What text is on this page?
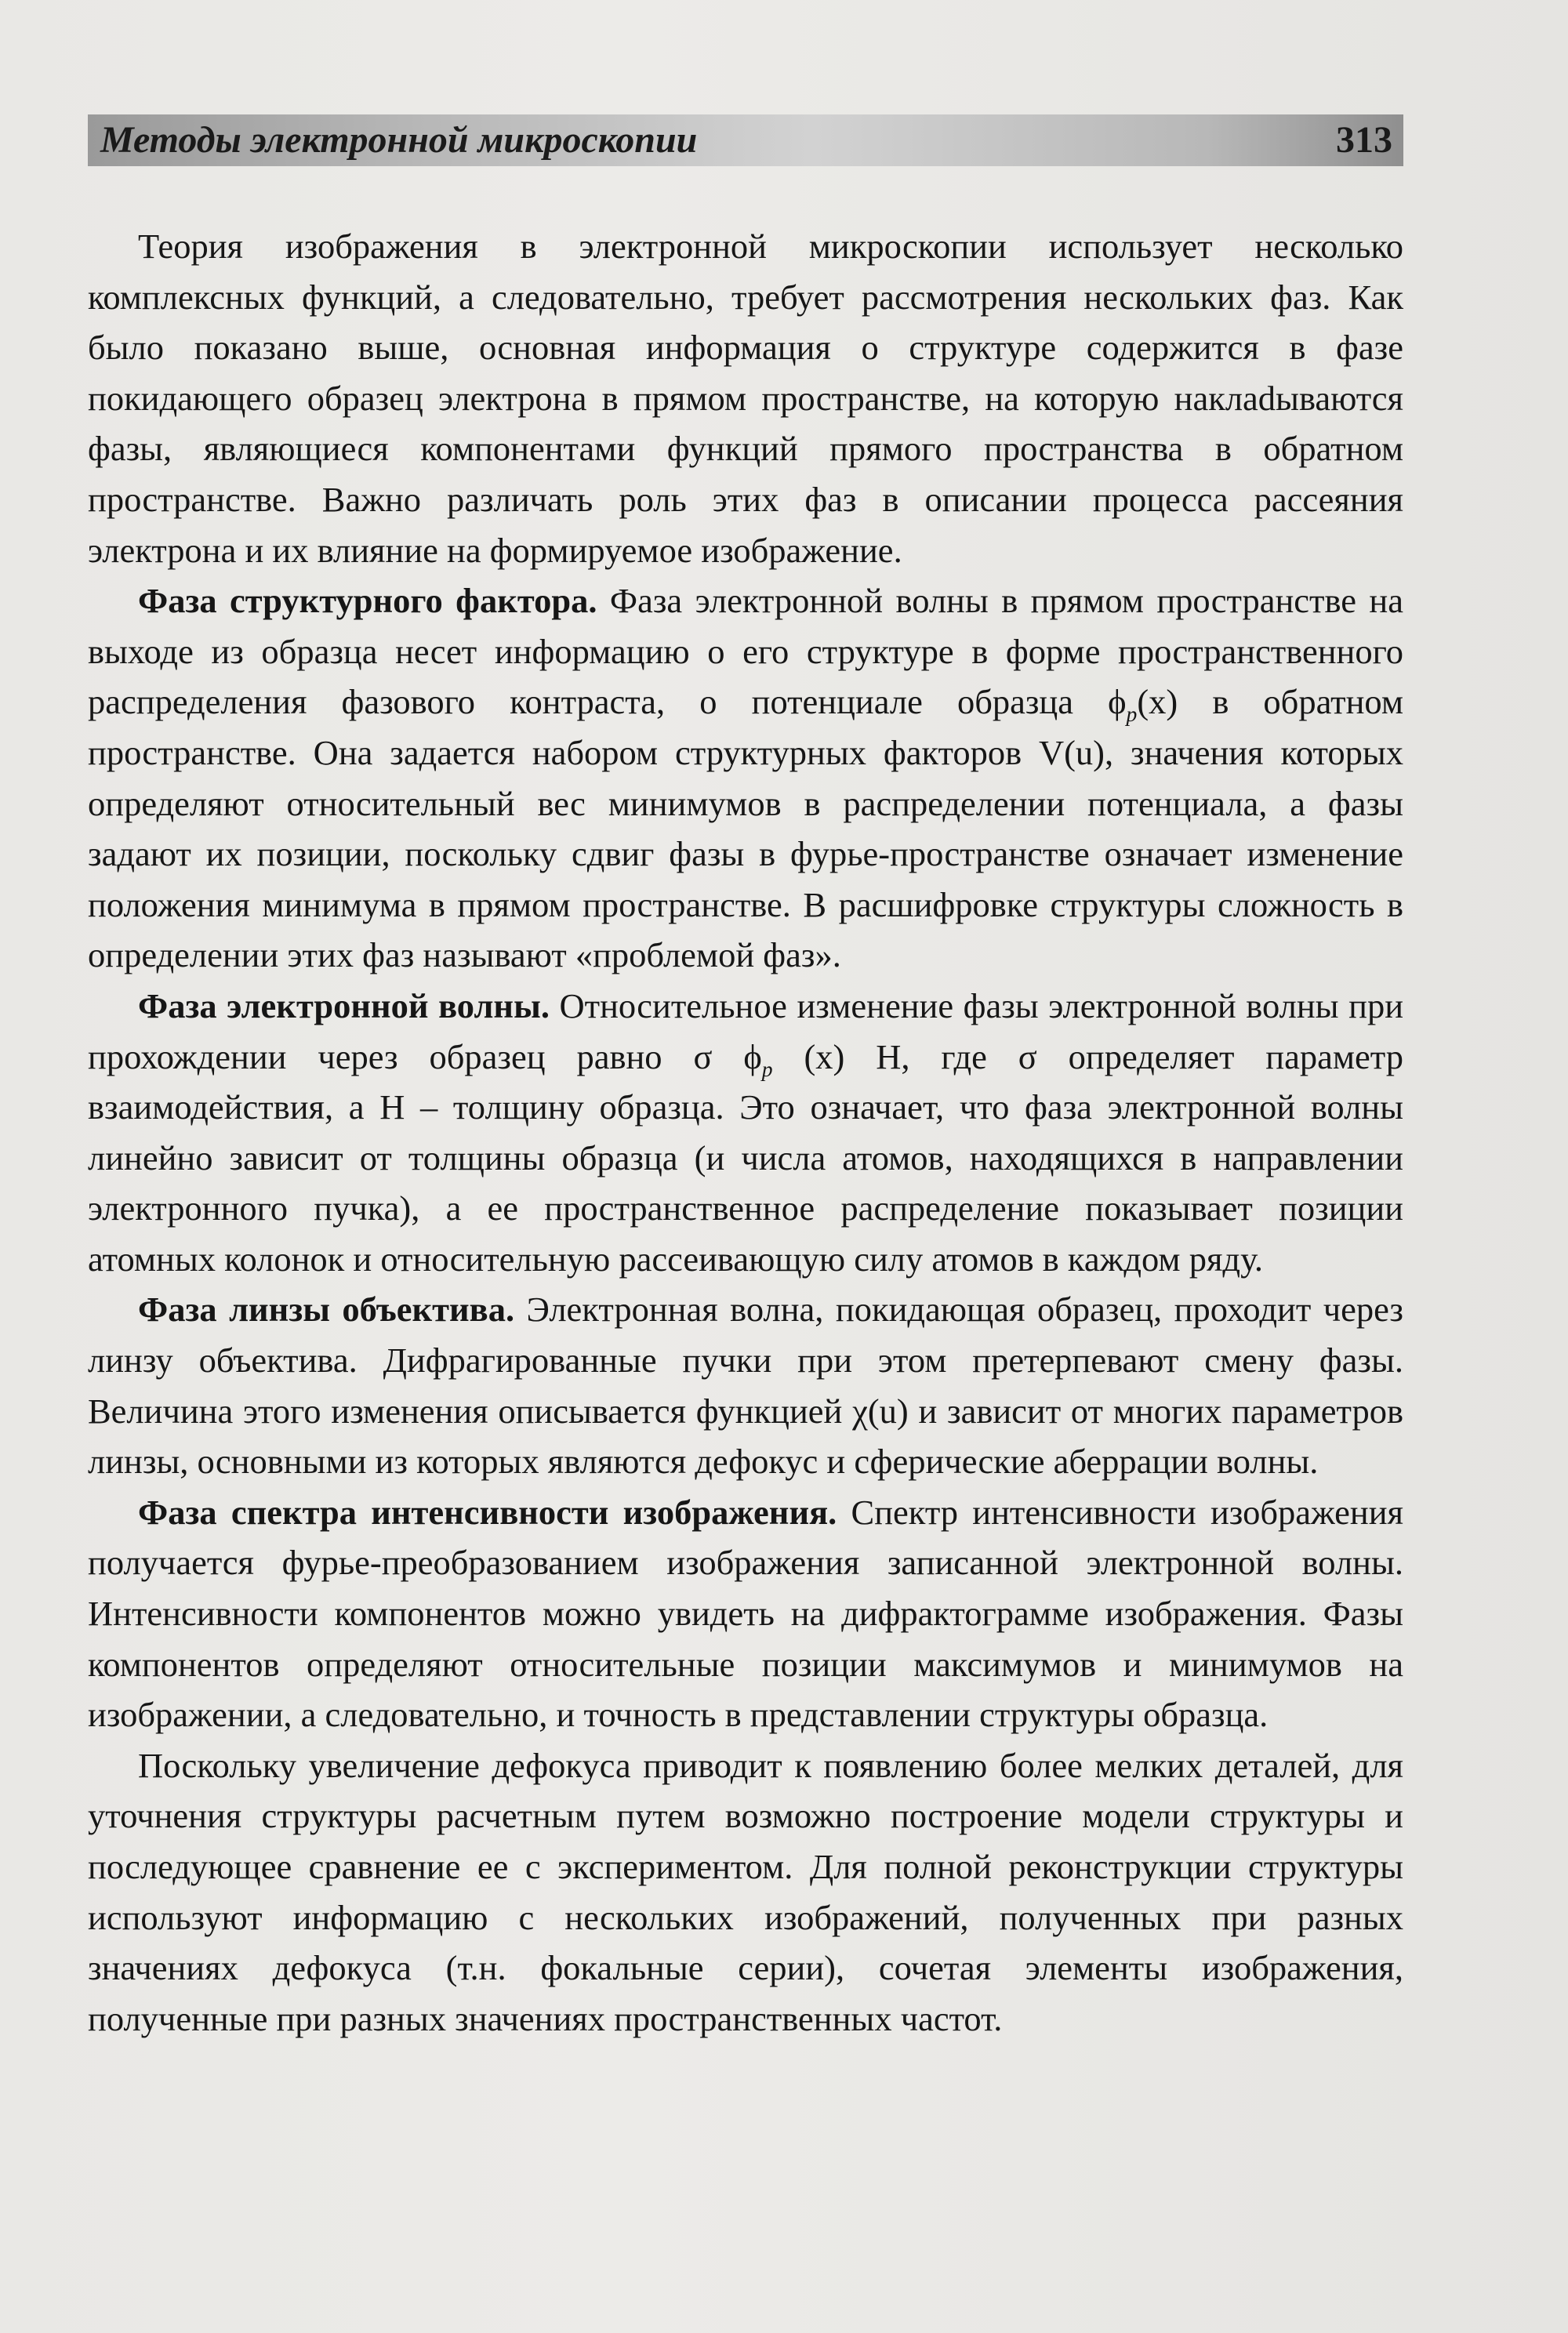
Методы электронной микроскопии	313

Теория изображения в электронной микроскопии использует несколько комплексных функций, а следовательно, требует рассмотрения нескольких фаз. Как было показано выше, основная информация о структуре содержится в фазе покидающего образец электрона в прямом пространстве, на которую наклаdываются фазы, являющиеся компонентами функций прямого пространства в обратном пространстве. Важно различать роль этих фаз в описании процесса рассеяния электрона и их влияние на формируемое изображение.

Фаза структурного фактора. Фаза электронной волны в прямом пространстве на выходе из образца несет информацию о его структуре в форме пространственного распределения фазового контраста, о потенциале образца $\phi_p(x)$ в обратном пространстве. Она задается набором структурных факторов V(u), значения которых определяют относительный вес минимумов в распределении потенциала, а фазы задают их позиции, поскольку сдвиг фазы в фурье-пространстве означает изменение положения минимума в прямом пространстве. В расшифровке структуры сложность в определении этих фаз называют «проблемой фаз».

Фаза электронной волны. Относительное изменение фазы электронной волны при прохождении через образец равно σ $\phi_p$ (x) H, где σ определяет параметр взаимодействия, а H – толщину образца. Это означает, что фаза электронной волны линейно зависит от толщины образца (и числа атомов, находящихся в направлении электронного пучка), а ее пространственное распределение показывает позиции атомных колонок и относительную рассеивающую силу атомов в каждом ряду.

Фаза линзы объектива. Электронная волна, покидающая образец, проходит через линзу объектива. Дифрагированные пучки при этом претерпевают смену фазы. Величина этого изменения описывается функцией χ(u) и зависит от многих параметров линзы, основными из которых являются дефокус и сферические аберрации волны.

Фаза спектра интенсивности изображения. Спектр интенсивности изображения получается фурье-преобразованием изображения записанной электронной волны. Интенсивности компонентов можно увидеть на дифрактограмме изображения. Фазы компонентов определяют относительные позиции максимумов и минимумов на изображении, а следовательно, и точность в представлении структуры образца.

Поскольку увеличение дефокуса приводит к появлению более мелких деталей, для уточнения структуры расчетным путем возможно построение модели структуры и последующее сравнение ее с экспериментом. Для полной реконструкции структуры используют информацию с нескольких изображений, полученных при разных значениях дефокуса (т.н. фокальные серии), сочетая элементы изображения, полученные при разных значениях пространственных частот.
